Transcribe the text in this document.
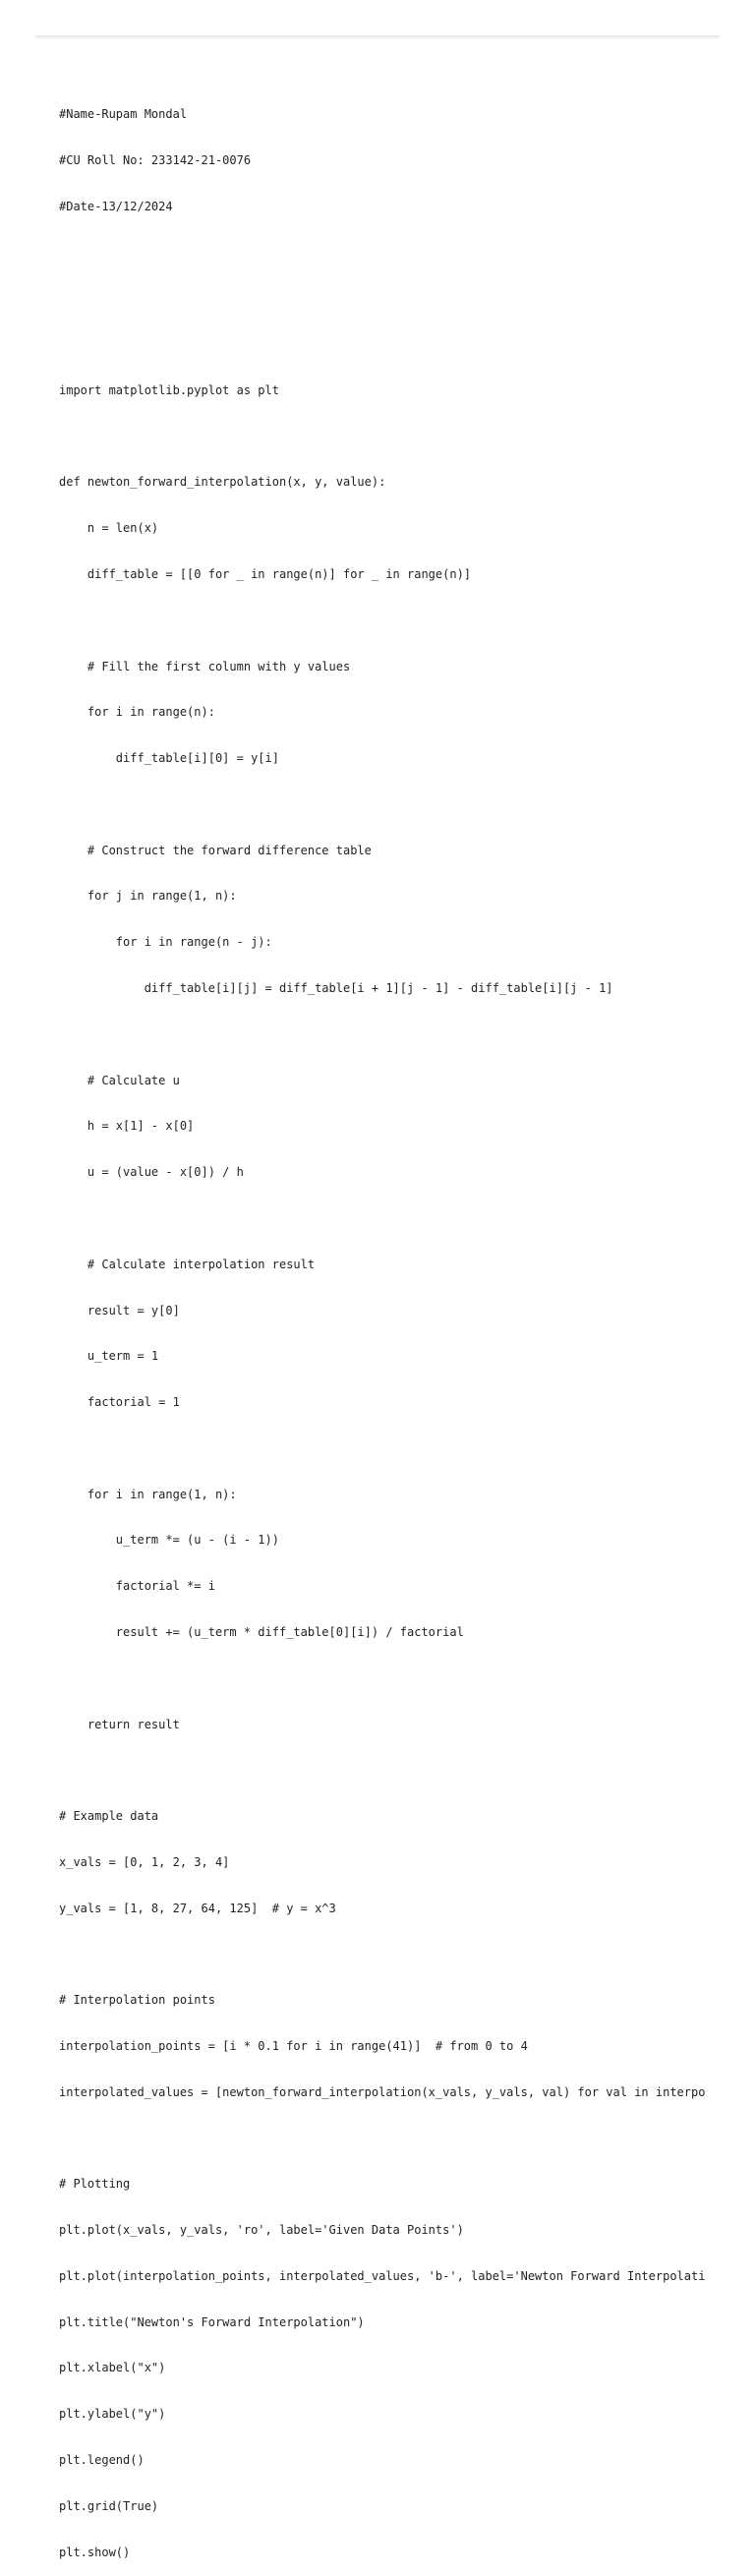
#Name-Rupam Mondal

#CU Roll No: 233142-21-0076

#Date-13/12/2024

import matplotlib.pyplot as plt

def newton_forward_interpolation(x, y, value):

n = len(x)

diff_table = [[0 for _ in range(n)] for _ in range(n)]

# Fill the first column with y values

for i in range(n):

diff_table[i][0] = y[i]

# Construct the forward difference table

for j in range(1, n):

for i in range(n - j):

diff_table[i][j] = diff_table[i + 1][j - 1] - diff_table[i][j - 1]

# Calculate u

h = x[1] - x[0]

u = (value - x[0]) / h

# Calculate interpolation result

result = y[0]

u_term = 1

factorial = 1

for i in range(1, n):

u_term *= (u - (i - 1))

factorial *= i

result += (u_term * diff_table[0][i]) / factorial

return result

# Example data

x_vals = [0, 1, 2, 3, 4]

y_vals = [1, 8, 27, 64, 125]  # y = x^3

# Interpolation points

interpolation_points = [i * 0.1 for i in range(41)]  # from 0 to 4

interpolated_values = [newton_forward_interpolation(x_vals, y_vals, val) for val in interpo

# Plotting

plt.plot(x_vals, y_vals, 'ro', label='Given Data Points')

plt.plot(interpolation_points, interpolated_values, 'b-', label='Newton Forward Interpolati

plt.title("Newton's Forward Interpolation")

plt.xlabel("x")

plt.ylabel("y")

plt.legend()

plt.grid(True)

plt.show()
